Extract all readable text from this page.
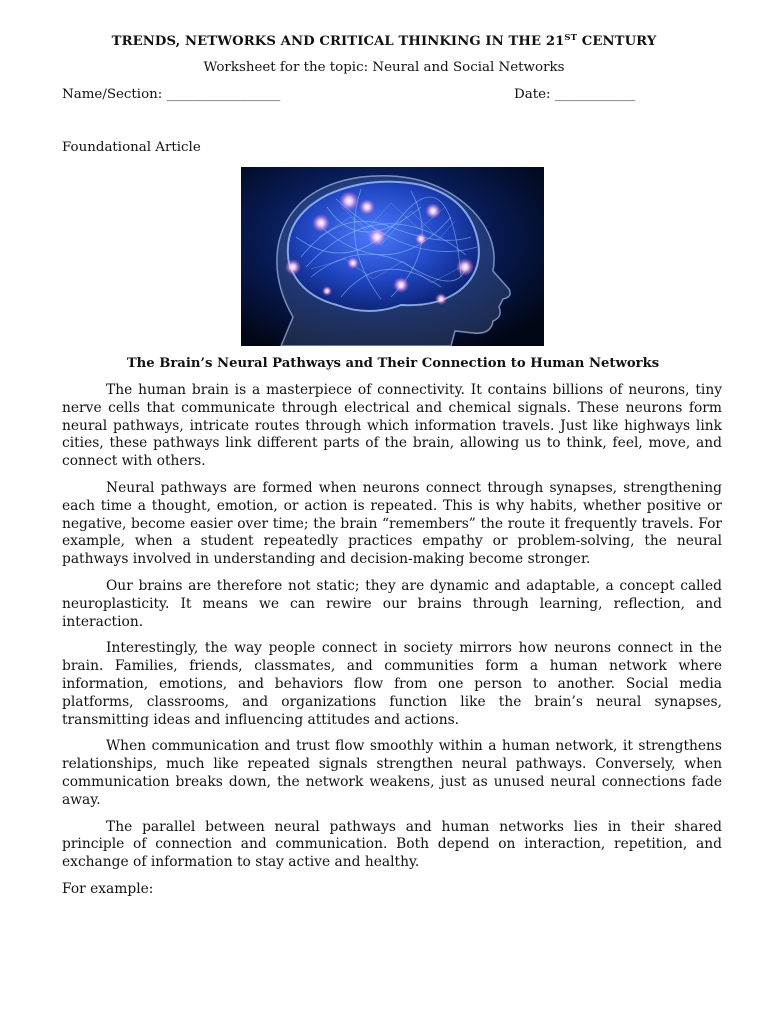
TRENDS, NETWORKS AND CRITICAL THINKING IN THE 21ST CENTURY
Worksheet for the topic: Neural and Social Networks
Name/Section: _________________	Date: ____________
Foundational Article
The Brain’s Neural Pathways and Their Connection to Human Networks

The human brain is a masterpiece of connectivity. It contains billions of neurons, tiny nerve cells that communicate through electrical and chemical signals. These neurons form neural pathways, intricate routes through which information travels. Just like highways link cities, these pathways link different parts of the brain, allowing us to think, feel, move, and connect with others.

Neural pathways are formed when neurons connect through synapses, strengthening each time a thought, emotion, or action is repeated. This is why habits, whether positive or negative, become easier over time; the brain “remembers” the route it frequently travels. For example, when a student repeatedly practices empathy or problem-solving, the neural pathways involved in understanding and decision-making become stronger.

Our brains are therefore not static; they are dynamic and adaptable, a concept called neuroplasticity. It means we can rewire our brains through learning, reflection, and interaction.

Interestingly, the way people connect in society mirrors how neurons connect in the brain. Families, friends, classmates, and communities form a human network where information, emotions, and behaviors flow from one person to another. Social media platforms, classrooms, and organizations function like the brain’s neural synapses, transmitting ideas and influencing attitudes and actions.

When communication and trust flow smoothly within a human network, it strengthens relationships, much like repeated signals strengthen neural pathways. Conversely, when communication breaks down, the network weakens, just as unused neural connections fade away.

The parallel between neural pathways and human networks lies in their shared principle of connection and communication. Both depend on interaction, repetition, and exchange of information to stay active and healthy.

For example:
